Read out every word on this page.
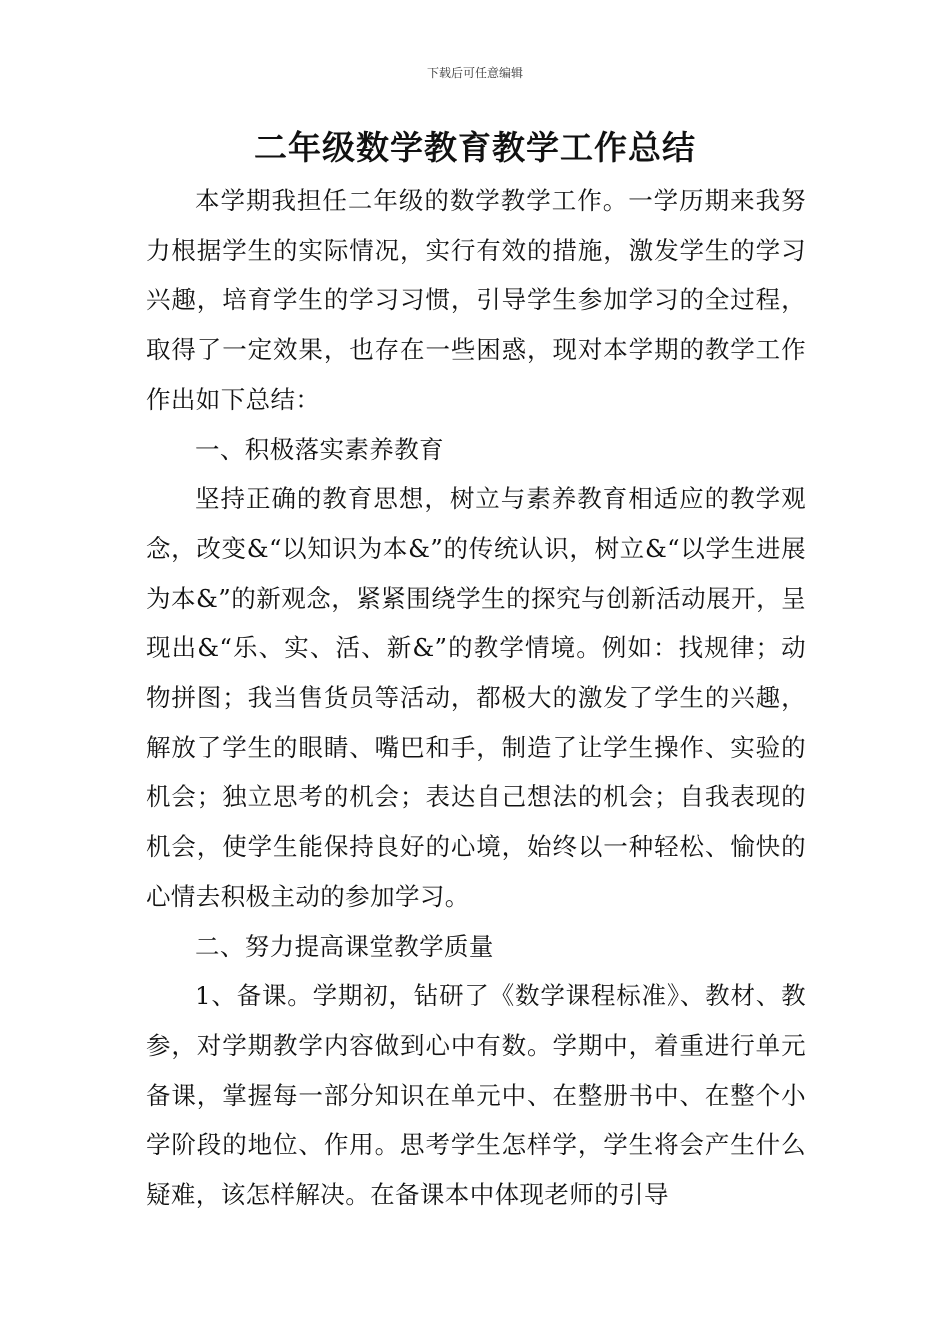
下载后可任意编辑
二年级数学教育教学工作总结

本学期我担任二年级的数学教学工作。一学历期来我努力根据学生的实际情况，实行有效的措施，激发学生的学习兴趣，培育学生的学习习惯，引导学生参加学习的全过程，取得了一定效果，也存在一些困惑，现对本学期的教学工作作出如下总结：

一、积极落实素养教育

坚持正确的教育思想，树立与素养教育相适应的教学观念，改变&“以知识为本&”的传统认识，树立&“以学生进展为本&”的新观念，紧紧围绕学生的探究与创新活动展开，呈现出&“乐、实、活、新&”的教学情境。例如：找规律；动物拼图；我当售货员等活动，都极大的激发了学生的兴趣，解放了学生的眼睛、嘴巴和手，制造了让学生操作、实验的机会；独立思考的机会；表达自己想法的机会；自我表现的机会，使学生能保持良好的心境，始终以一种轻松、愉快的心情去积极主动的参加学习。

二、努力提高课堂教学质量

1、备课。学期初，钻研了《数学课程标准》、教材、教参，对学期教学内容做到心中有数。学期中，着重进行单元备课，掌握每一部分知识在单元中、在整册书中、在整个小学阶段的地位、作用。思考学生怎样学，学生将会产生什么疑难，该怎样解决。在备课本中体现老师的引导
